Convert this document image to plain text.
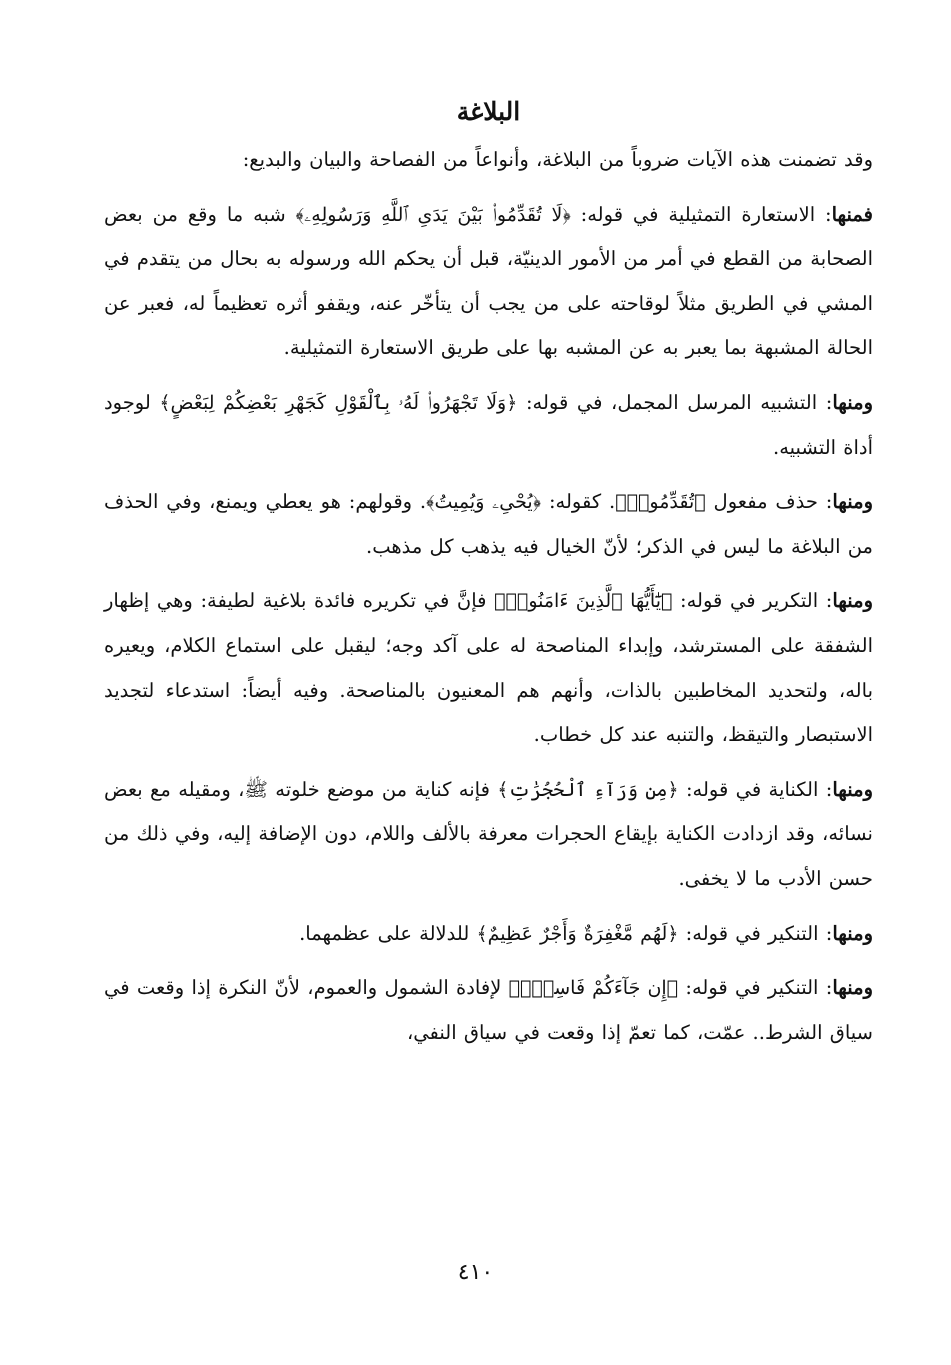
البلاغة

وقد تضمنت هذه الآيات ضروباً من البلاغة، وأنواعاً من الفصاحة والبيان والبديع:

فمنها: الاستعارة التمثيلية في قوله: ﴿لَا تُقَدِّمُوا۟ بَيْنَ يَدَىِ ٱللَّهِ وَرَسُولِهِۦ﴾ شبه ما وقع من بعض الصحابة من القطع في أمر من الأمور الدينيّة، قبل أن يحكم الله ورسوله به بحال من يتقدم في المشي في الطريق مثلاً لوقاحته على من يجب أن يتأخّر عنه، ويقفو أثره تعظيماً له، فعبر عن الحالة المشبهة بما يعبر به عن المشبه بها على طريق الاستعارة التمثيلية.

ومنها: التشبيه المرسل المجمل، في قوله: ﴿وَلَا تَجْهَرُوا۟ لَهُۥ بِٱلْقَوْلِ كَجَهْرِ بَعْضِكُمْ لِبَعْضٍ﴾ لوجود أداة التشبيه.

ومنها: حذف مفعول ﴿تُقَدِّمُوا۟﴾. كقوله: ﴿يُحْىِۦ وَيُمِيتُ﴾. وقولهم: هو يعطي ويمنع، وفي الحذف من البلاغة ما ليس في الذكر؛ لأنّ الخيال فيه يذهب كل مذهب.

ومنها: التكرير في قوله: ﴿يَٰٓأَيُّهَا ٱلَّذِينَ ءَامَنُوا۟﴾ فإنَّ في تكريره فائدة بلاغية لطيفة: وهي إظهار الشفقة على المسترشد، وإبداء المناصحة له على آكد وجه؛ ليقبل على استماع الكلام، ويعيره باله، ولتحديد المخاطبين بالذات، وأنهم هم المعنيون بالمناصحة. وفيه أيضاً: استدعاء لتجديد الاستبصار والتيقظ، والتنبه عند كل خطاب.

ومنها: الكناية في قوله: ﴿مِن وَرَآءِ ٱلْحُجُرَٰتِ﴾ فإنه كناية من موضع خلوته ﷺ، ومقيله مع بعض نسائه، وقد ازدادت الكناية بإيقاع الحجرات معرفة بالألف واللام، دون الإضافة إليه، وفي ذلك من حسن الأدب ما لا يخفى.

ومنها: التنكير في قوله: ﴿لَهُم مَّغْفِرَةٌ وَأَجْرٌ عَظِيمٌ﴾ للدلالة على عظمهما.

ومنها: التنكير في قوله: ﴿إِن جَآءَكُمْ فَاسِقٌۢ﴾ لإفادة الشمول والعموم، لأنّ النكرة إذا وقعت في سياق الشرط.. عمّت، كما تعمّ إذا وقعت في سياق النفي،

٤١٠
